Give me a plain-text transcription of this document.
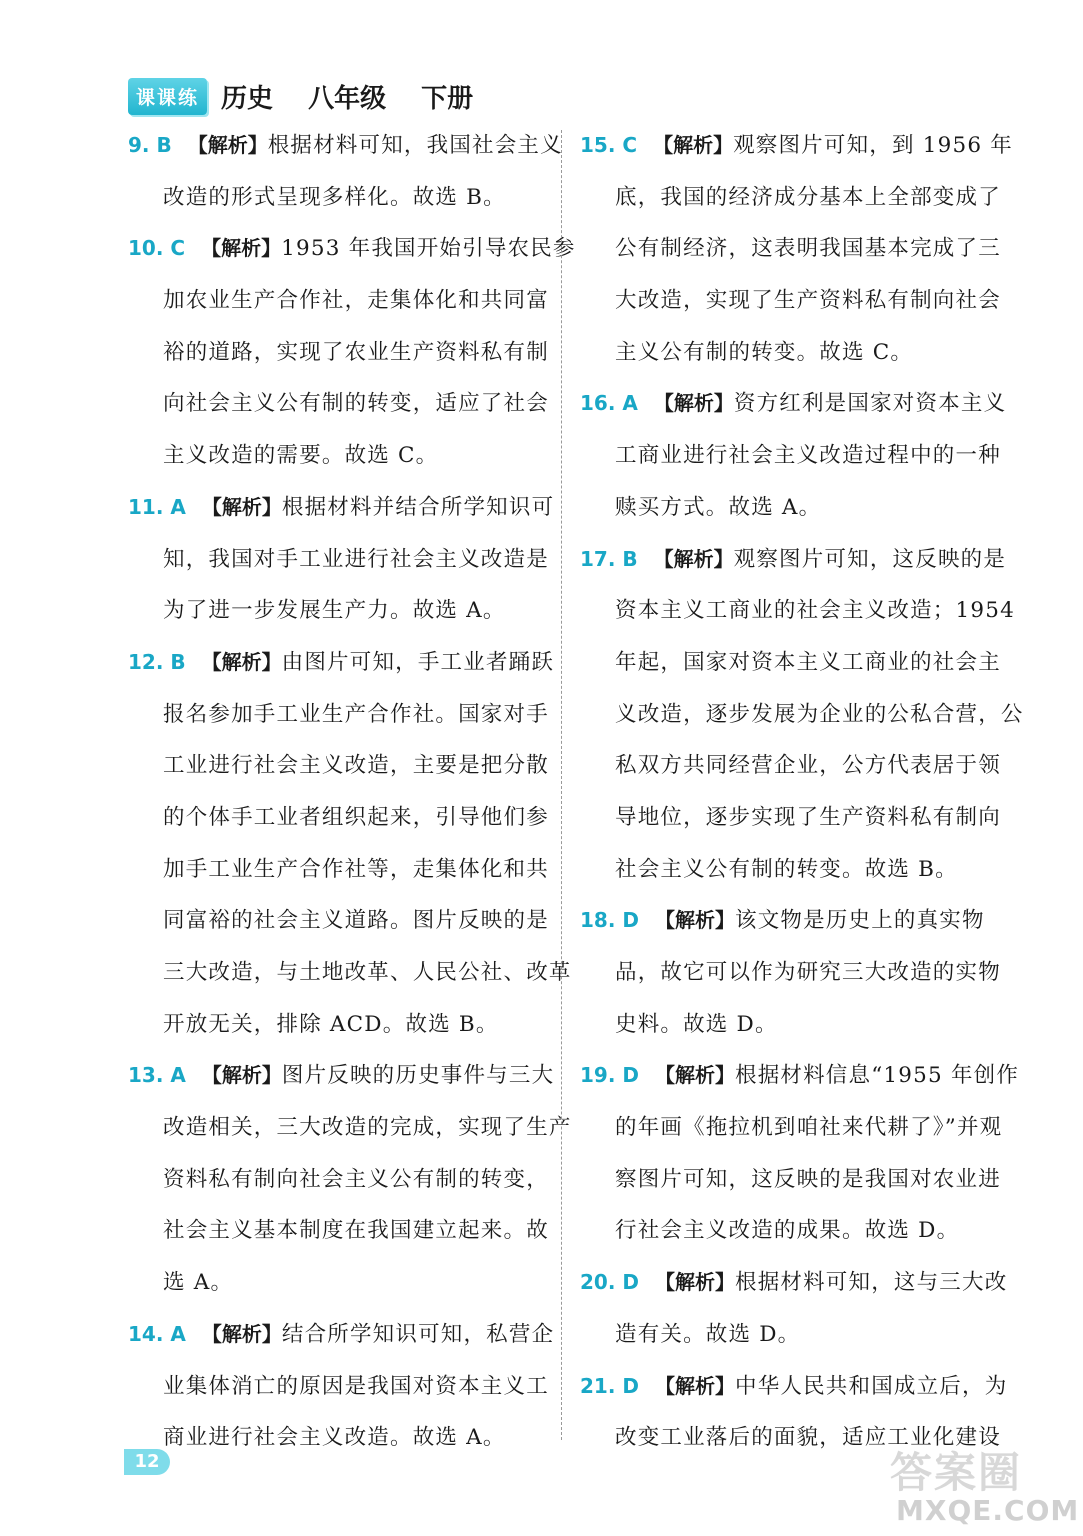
课课练 历史 八年级 下册
9. B 【解析】根据材料可知，我国社会主义
改造的形式呈现多样化。故选 B。
10. C 【解析】1953 年我国开始引导农民参
加农业生产合作社，走集体化和共同富
裕的道路，实现了农业生产资料私有制
向社会主义公有制的转变，适应了社会
主义改造的需要。故选 C。
11. A 【解析】根据材料并结合所学知识可
知，我国对手工业进行社会主义改造是
为了进一步发展生产力。故选 A。
12. B 【解析】由图片可知，手工业者踊跃
报名参加手工业生产合作社。国家对手
工业进行社会主义改造，主要是把分散
的个体手工业者组织起来，引导他们参
加手工业生产合作社等，走集体化和共
同富裕的社会主义道路。图片反映的是
三大改造，与土地改革、人民公社、改革
开放无关，排除 ACD。故选 B。
13. A 【解析】图片反映的历史事件与三大
改造相关，三大改造的完成，实现了生产
资料私有制向社会主义公有制的转变，
社会主义基本制度在我国建立起来。故
选 A。
14. A 【解析】结合所学知识可知，私营企
业集体消亡的原因是我国对资本主义工
商业进行社会主义改造。故选 A。
15. C 【解析】观察图片可知，到 1956 年
底，我国的经济成分基本上全部变成了
公有制经济，这表明我国基本完成了三
大改造，实现了生产资料私有制向社会
主义公有制的转变。故选 C。
16. A 【解析】资方红利是国家对资本主义
工商业进行社会主义改造过程中的一种
赎买方式。故选 A。
17. B 【解析】观察图片可知，这反映的是
资本主义工商业的社会主义改造；1954
年起，国家对资本主义工商业的社会主
义改造，逐步发展为企业的公私合营，公
私双方共同经营企业，公方代表居于领
导地位，逐步实现了生产资料私有制向
社会主义公有制的转变。故选 B。
18. D 【解析】该文物是历史上的真实物
品，故它可以作为研究三大改造的实物
史料。故选 D。
19. D 【解析】根据材料信息“1955 年创作
的年画《拖拉机到咱社来代耕了》”并观
察图片可知，这反映的是我国对农业进
行社会主义改造的成果。故选 D。
20. D 【解析】根据材料可知，这与三大改
造有关。故选 D。
21. D 【解析】中华人民共和国成立后，为
改变工业落后的面貌，适应工业化建设
12	答案圈
MXQE.COM
